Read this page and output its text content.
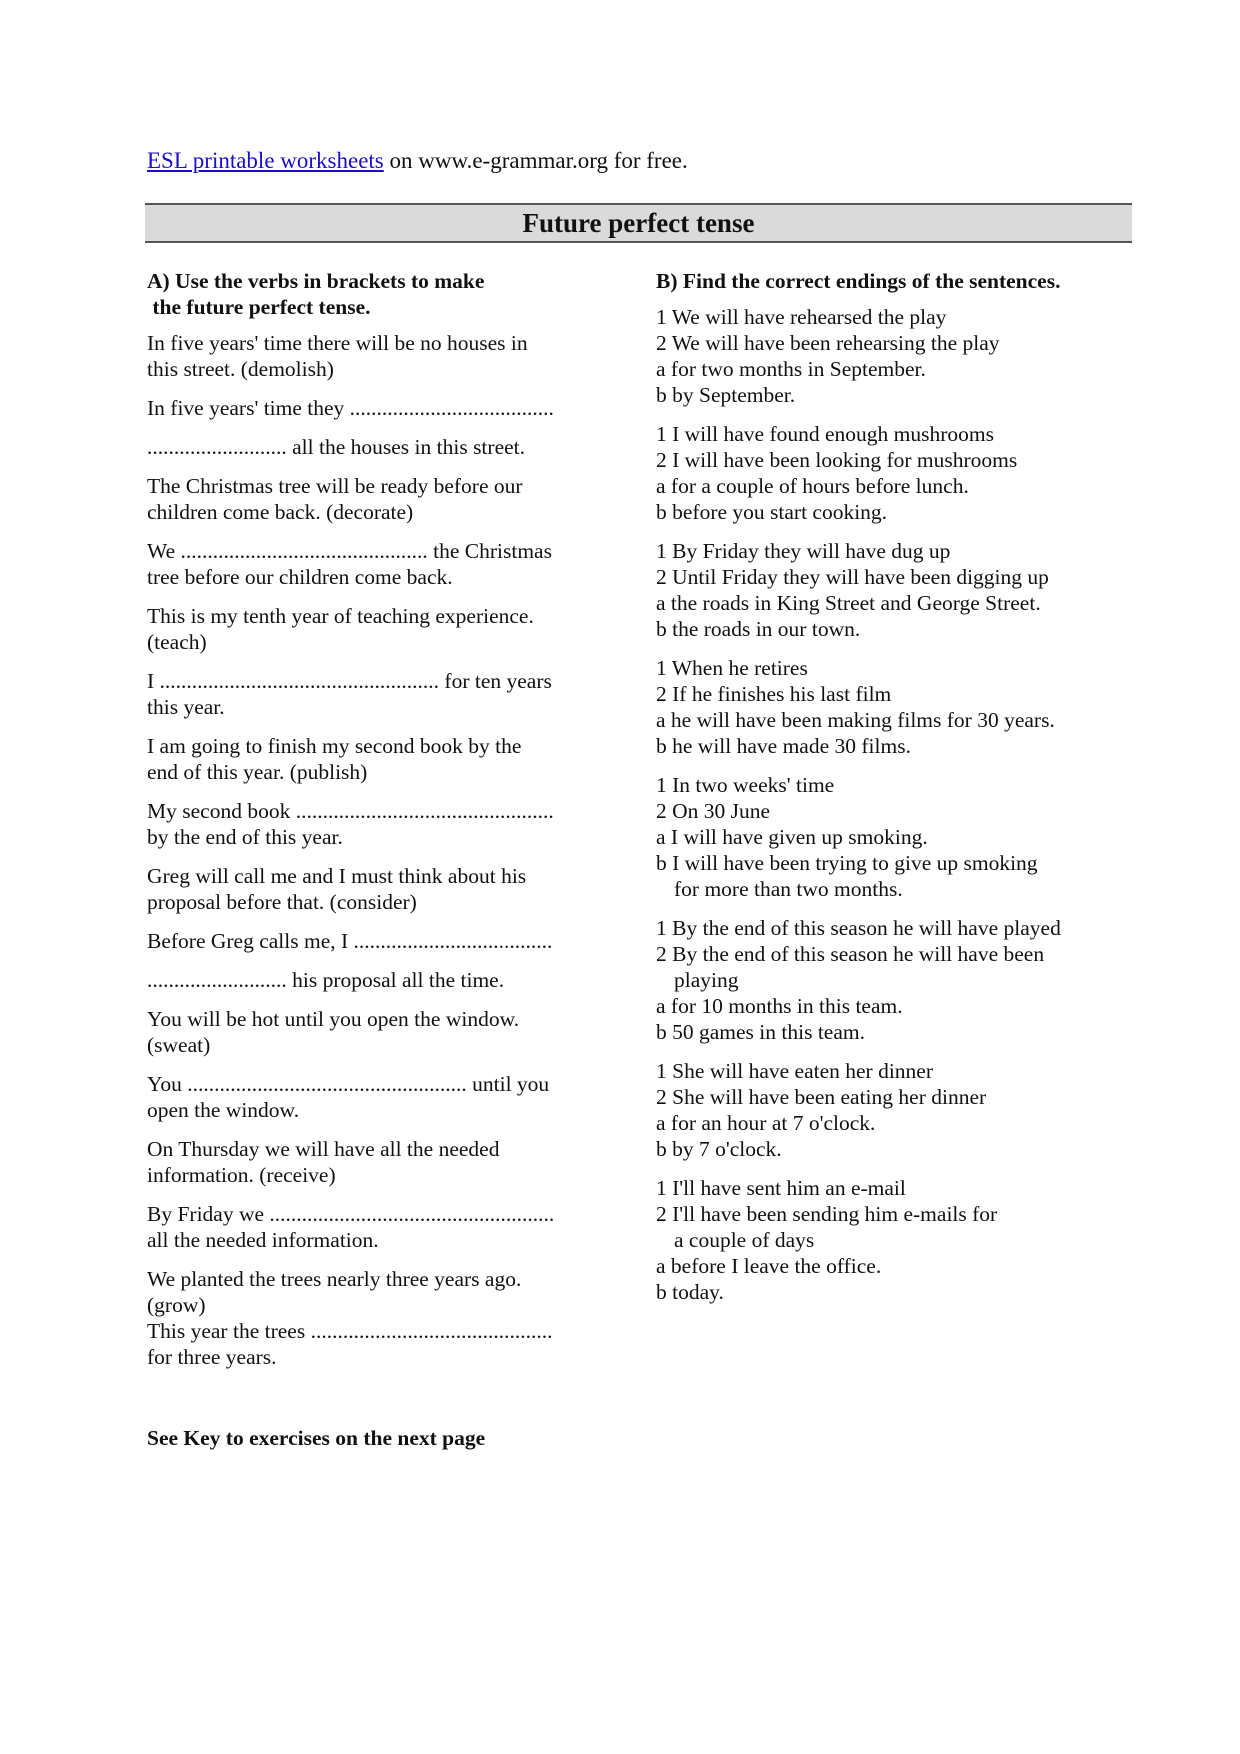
ESL printable worksheets on www.e-grammar.org for free.
Future perfect tense
A) Use the verbs in brackets to make
the future perfect tense.
In five years' time there will be no houses in
this street. (demolish)
In five years' time they ......................................
.......................... all the houses in this street.
The Christmas tree will be ready before our
children come back. (decorate)
We .............................................. the Christmas
tree before our children come back.
This is my tenth year of teaching experience.
(teach)
I .................................................... for ten years
this year.
I am going to finish my second book by the
end of this year. (publish)
My second book ................................................
by the end of this year.
Greg will call me and I must think about his
proposal before that. (consider)
Before Greg calls me, I .....................................
.......................... his proposal all the time.
You will be hot until you open the window.
(sweat)
You .................................................... until you
open the window.
On Thursday we will have all the needed
information. (receive)
By Friday we .....................................................
all the needed information.
We planted the trees nearly three years ago.
(grow)
This year the trees .............................................
for three years.
B) Find the correct endings of the sentences.
1 We will have rehearsed the play
2 We will have been rehearsing the play
a for two months in September.
b by September.
1 I will have found enough mushrooms
2 I will have been looking for mushrooms
a for a couple of hours before lunch.
b before you start cooking.
1 By Friday they will have dug up
2 Until Friday they will have been digging up
a the roads in King Street and George Street.
b the roads in our town.
1 When he retires
2 If he finishes his last film
a he will have been making films for 30 years.
b he will have made 30 films.
1 In two weeks' time
2 On 30 June
a I will have given up smoking.
b I will have been trying to give up smoking
for more than two months.
1 By the end of this season he will have played
2 By the end of this season he will have been
playing
a for 10 months in this team.
b 50 games in this team.
1 She will have eaten her dinner
2 She will have been eating her dinner
a for an hour at 7 o'clock.
b by 7 o'clock.
1 I'll have sent him an e-mail
2 I'll have been sending him e-mails for
a couple of days
a before I leave the office.
b today.
See Key to exercises on the next page
